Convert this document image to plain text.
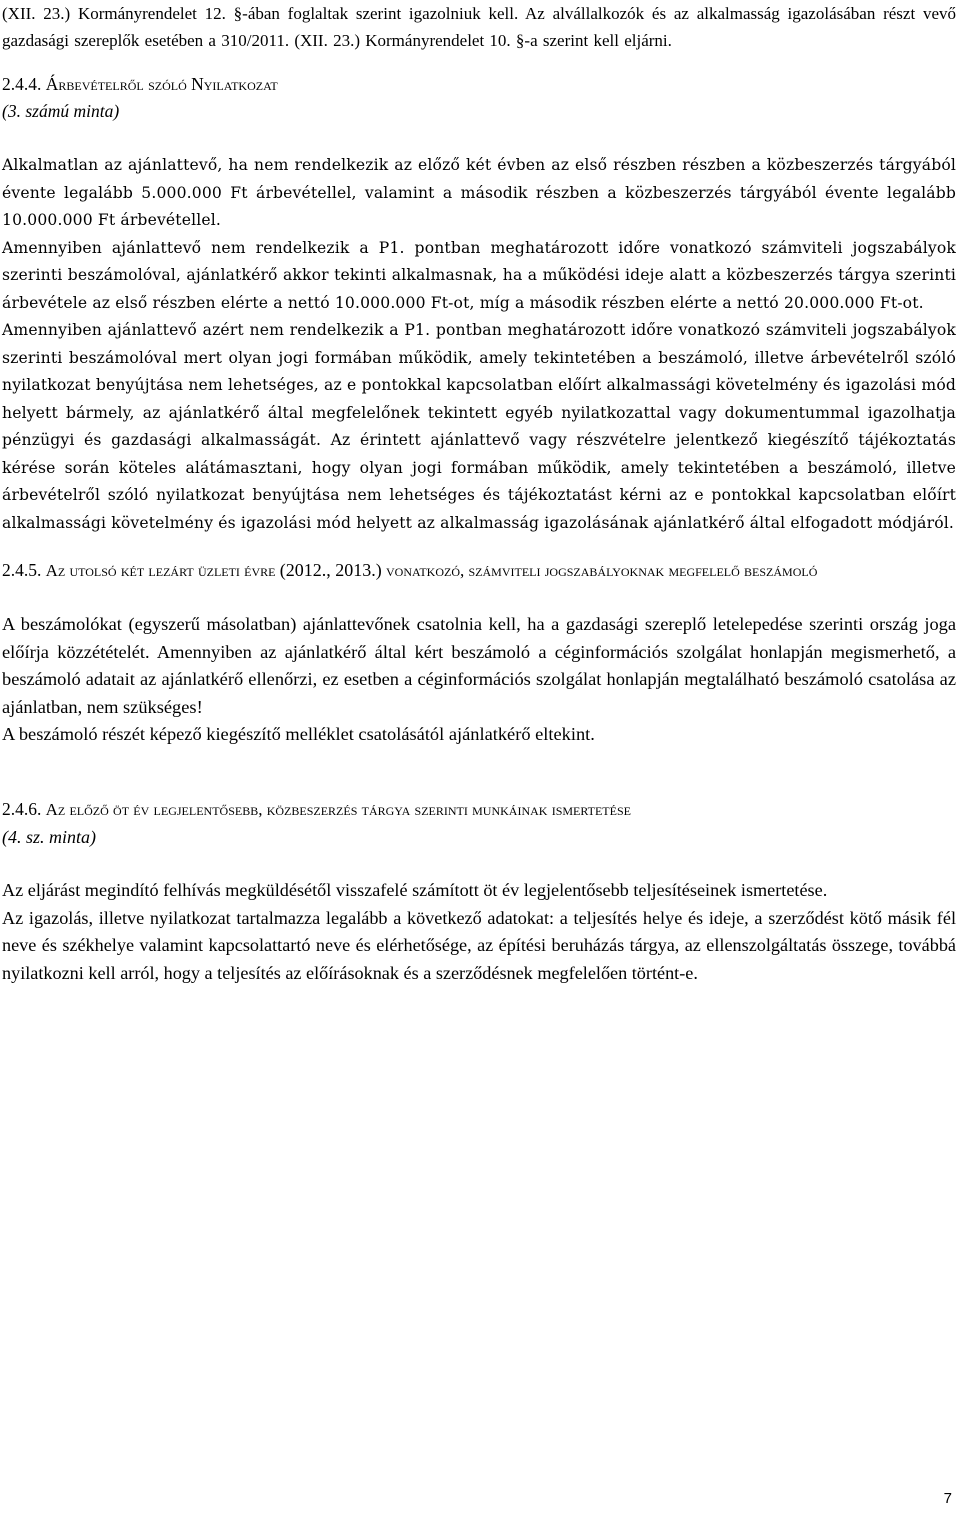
(XII. 23.) Kormányrendelet 12. §-ában foglaltak szerint igazolniuk kell. Az alvállalkozók és az alkalmasság igazolásában részt vevő gazdasági szereplők esetében a 310/2011. (XII. 23.) Kormányrendelet 10. §-a szerint kell eljárni.

2.4.4. Árbevételről szóló Nyilatkozat

(3. számú minta)

Alkalmatlan az ajánlattevő, ha nem rendelkezik az előző két évben az első részben részben a közbeszerzés tárgyából évente legalább 5.000.000 Ft árbevétellel, valamint a második részben a közbeszerzés tárgyából évente legalább 10.000.000 Ft árbevétellel.

Amennyiben ajánlattevő nem rendelkezik a P1. pontban meghatározott időre vonatkozó számviteli jogszabályok szerinti beszámolóval, ajánlatkérő akkor tekinti alkalmasnak, ha a működési ideje alatt a közbeszerzés tárgya szerinti árbevétele az első részben elérte a nettó 10.000.000 Ft-ot, míg a második részben elérte a nettó 20.000.000 Ft-ot.

Amennyiben ajánlattevő azért nem rendelkezik a P1. pontban meghatározott időre vonatkozó számviteli jogszabályok szerinti beszámolóval mert olyan jogi formában működik, amely tekintetében a beszámoló, illetve árbevételről szóló nyilatkozat benyújtása nem lehetséges, az e pontokkal kapcsolatban előírt alkalmassági követelmény és igazolási mód helyett bármely, az ajánlatkérő által megfelelőnek tekintett egyéb nyilatkozattal vagy dokumentummal igazolhatja pénzügyi és gazdasági alkalmasságát. Az érintett ajánlattevő vagy részvételre jelentkező kiegészítő tájékoztatás kérése során köteles alátámasztani, hogy olyan jogi formában működik, amely tekintetében a beszámoló, illetve árbevételről szóló nyilatkozat benyújtása nem lehetséges és tájékoztatást kérni az e pontokkal kapcsolatban előírt alkalmassági követelmény és igazolási mód helyett az alkalmasság igazolásának ajánlatkérő által elfogadott módjáról.

2.4.5. Az utolsó két lezárt üzleti évre (2012., 2013.) vonatkozó, számviteli jogszabályoknak megfelelő beszámoló

A beszámolókat (egyszerű másolatban) ajánlattevőnek csatolnia kell, ha a gazdasági szereplő letelepedése szerinti ország joga előírja közzétételét. Amennyiben az ajánlatkérő által kért beszámoló a céginformációs szolgálat honlapján megismerhető, a beszámoló adatait az ajánlatkérő ellenőrzi, ez esetben a céginformációs szolgálat honlapján megtalálható beszámoló csatolása az ajánlatban, nem szükséges!

A beszámoló részét képező kiegészítő melléklet csatolásától ajánlatkérő eltekint.

2.4.6. Az előző öt év legjelentősebb, közbeszerzés tárgya szerinti munkáinak ismertetése

(4. sz. minta)

Az eljárást megindító felhívás megküldésétől visszafelé számított öt év legjelentősebb teljesítéseinek ismertetése.

Az igazolás, illetve nyilatkozat tartalmazza legalább a következő adatokat: a teljesítés helye és ideje, a szerződést kötő másik fél neve és székhelye valamint kapcsolattartó neve és elérhetősége, az építési beruházás tárgya, az ellenszolgáltatás összege, továbbá nyilatkozni kell arról, hogy a teljesítés az előírásoknak és a szerződésnek megfelelően történt-e.

7
